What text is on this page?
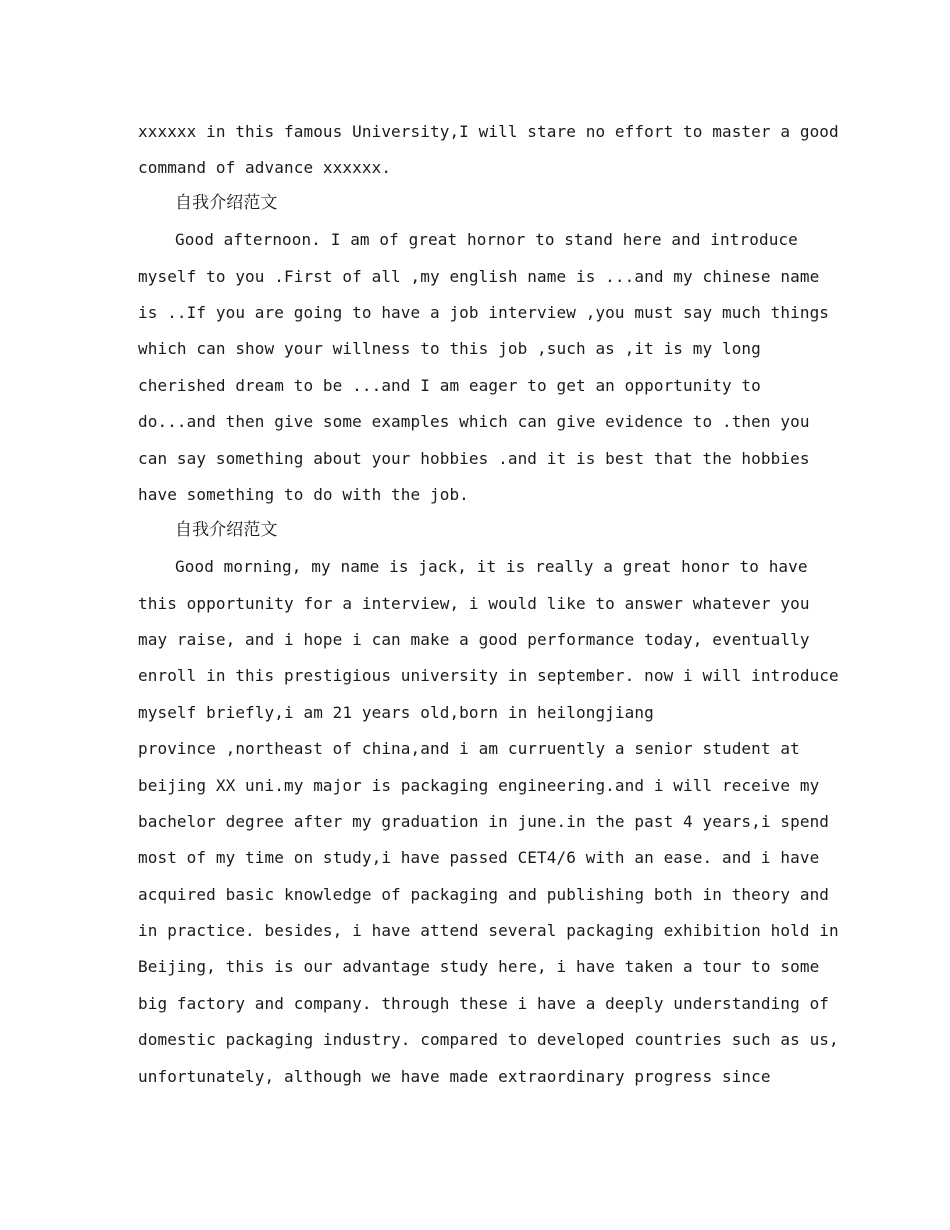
xxxxxx in this famous University,I will stare no effort to master a good
command of advance xxxxxx.
自我介绍范文
Good afternoon. I am of great hornor to stand here and introduce
myself to you .First of all ,my english name is ...and my chinese name
is ..If you are going to have a job interview ,you must say much things
which can show your willness to this job ,such as ,it is my long
cherished dream to be ...and I am eager to get an opportunity to
do...and then give some examples which can give evidence to .then you
can say something about your hobbies .and it is best that the hobbies
have something to do with the job.
自我介绍范文
Good morning, my name is jack, it is really a great honor to have
this opportunity for a interview, i would like to answer whatever you
may raise, and i hope i can make a good performance today, eventually
enroll in this prestigious university in september. now i will introduce
myself briefly,i am 21 years old,born in heilongjiang
province ,northeast of china,and i am curruently a senior student at
beijing XX uni.my major is packaging engineering.and i will receive my
bachelor degree after my graduation in june.in the past 4 years,i spend
most of my time on study,i have passed CET4/6 with an ease. and i have
acquired basic knowledge of packaging and publishing both in theory and
in practice. besides, i have attend several packaging exhibition hold in
Beijing, this is our advantage study here, i have taken a tour to some
big factory and company. through these i have a deeply understanding of
domestic packaging industry. compared to developed countries such as us,
unfortunately, although we have made extraordinary progress since
